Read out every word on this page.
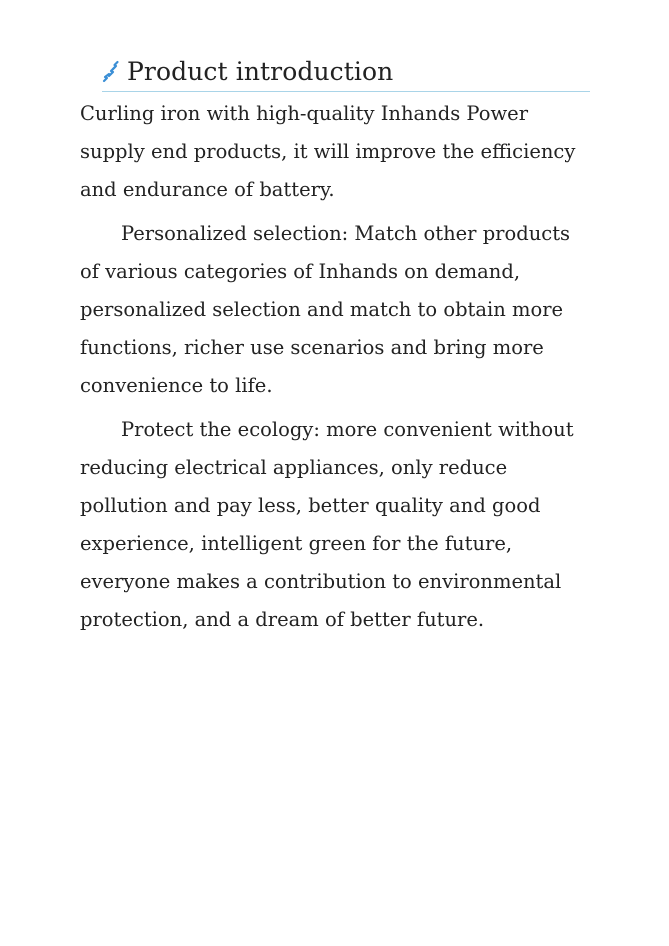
Product introduction

Curling iron with high-quality Inhands Power supply end products, it will improve the efficiency and endurance of battery.

Personalized selection: Match other products of various categories of Inhands on demand, personalized selection and match to obtain more functions, richer use scenarios and bring more convenience to life.

Protect the ecology: more convenient without reducing electrical appliances, only reduce pollution and pay less, better quality and good experience, intelligent green for the future, everyone makes a contribution to environmental protection, and a dream of better future.
